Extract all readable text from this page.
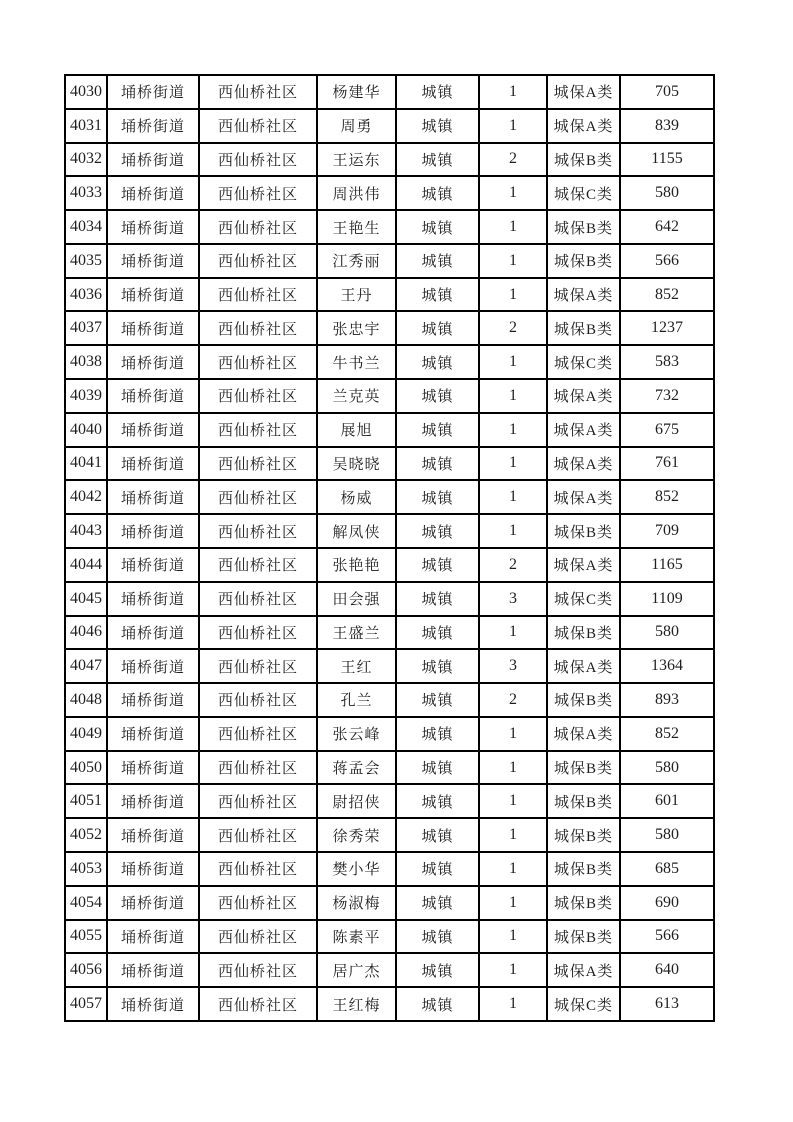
4030	埇桥街道	西仙桥社区	杨建华	城镇	1	城保A类	705
4031	埇桥街道	西仙桥社区	周勇	城镇	1	城保A类	839
4032	埇桥街道	西仙桥社区	王运东	城镇	2	城保B类	1155
4033	埇桥街道	西仙桥社区	周洪伟	城镇	1	城保C类	580
4034	埇桥街道	西仙桥社区	王艳生	城镇	1	城保B类	642
4035	埇桥街道	西仙桥社区	江秀丽	城镇	1	城保B类	566
4036	埇桥街道	西仙桥社区	王丹	城镇	1	城保A类	852
4037	埇桥街道	西仙桥社区	张忠宇	城镇	2	城保B类	1237
4038	埇桥街道	西仙桥社区	牛书兰	城镇	1	城保C类	583
4039	埇桥街道	西仙桥社区	兰克英	城镇	1	城保A类	732
4040	埇桥街道	西仙桥社区	展旭	城镇	1	城保A类	675
4041	埇桥街道	西仙桥社区	吴晓晓	城镇	1	城保A类	761
4042	埇桥街道	西仙桥社区	杨威	城镇	1	城保A类	852
4043	埇桥街道	西仙桥社区	解凤侠	城镇	1	城保B类	709
4044	埇桥街道	西仙桥社区	张艳艳	城镇	2	城保A类	1165
4045	埇桥街道	西仙桥社区	田会强	城镇	3	城保C类	1109
4046	埇桥街道	西仙桥社区	王盛兰	城镇	1	城保B类	580
4047	埇桥街道	西仙桥社区	王红	城镇	3	城保A类	1364
4048	埇桥街道	西仙桥社区	孔兰	城镇	2	城保B类	893
4049	埇桥街道	西仙桥社区	张云峰	城镇	1	城保A类	852
4050	埇桥街道	西仙桥社区	蒋孟会	城镇	1	城保B类	580
4051	埇桥街道	西仙桥社区	尉招侠	城镇	1	城保B类	601
4052	埇桥街道	西仙桥社区	徐秀荣	城镇	1	城保B类	580
4053	埇桥街道	西仙桥社区	樊小华	城镇	1	城保B类	685
4054	埇桥街道	西仙桥社区	杨淑梅	城镇	1	城保B类	690
4055	埇桥街道	西仙桥社区	陈素平	城镇	1	城保B类	566
4056	埇桥街道	西仙桥社区	居广杰	城镇	1	城保A类	640
4057	埇桥街道	西仙桥社区	王红梅	城镇	1	城保C类	613
